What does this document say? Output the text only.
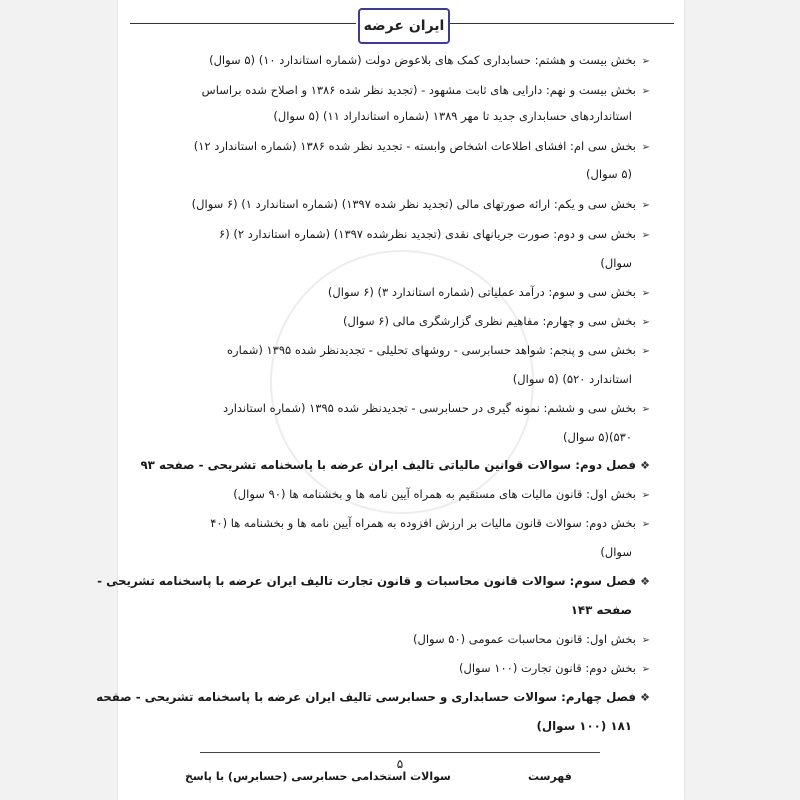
ایران عرضه
➢بخش بیست و هشتم: حسابداری کمک های بلاعوض دولت (شماره استاندارد ۱۰) (۵ سوال)
➢بخش بیست و نهم: دارایی های ثابت مشهود - (تجدید نظر شده ۱۳۸۶ و اصلاح شده براساس
استانداردهای حسابداری جدید تا مهر ۱۳۸۹ (شماره استانداراد ۱۱) (۵ سوال)
➢بخش سی ام: افشای اطلاعات اشخاص وابسته - تجدید نظر شده ۱۳۸۶ (شماره استاندارد ۱۲)
(۵ سوال)
➢بخش سی و یکم: ارائه صورتهای مالی (تجدید نظر شده ۱۳۹۷) (شماره استاندارد ۱) (۶ سوال)
➢بخش سی و دوم: صورت جریانهای نقدی (تجدید نظرشده ۱۳۹۷) (شماره استاندارد ۲) (۶
سوال)
➢بخش سی و سوم: درآمد عملیاتی (شماره استاندارد ۳) (۶ سوال)
➢بخش سی و چهارم: مفاهیم نظری گزارشگری مالی (۶ سوال)
➢بخش سی و پنجم: شواهد حسابرسی - روشهای تحلیلی - تجدیدنظر شده ۱۳۹۵ (شماره
استاندارد ۵۲۰) (۵ سوال)
➢بخش سی و ششم: نمونه گیری در حسابرسی - تجدیدنظر شده ۱۳۹۵ (شماره استاندارد
۵۳۰)(۵ سوال)
❖فصل دوم: سوالات قوانین مالیاتی تالیف ایران عرضه با پاسخنامه تشریحی - صفحه ۹۳
➢بخش اول: قانون مالیات های مستقیم به همراه آیین نامه ها و بخشنامه ها (۹۰ سوال)
➢بخش دوم: سوالات قانون مالیات بر ارزش افزوده به همراه آیین نامه ها و بخشنامه ها (۴۰
سوال)
❖فصل سوم: سوالات قانون محاسبات و قانون تجارت تالیف ایران عرضه با پاسخنامه تشریحی -
صفحه ۱۴۳
➢بخش اول: قانون محاسبات عمومی (۵۰ سوال)
➢بخش دوم: قانون تجارت (۱۰۰ سوال)
❖فصل چهارم: سوالات حسابداری و حسابرسی تالیف ایران عرضه با پاسخنامه تشریحی - صفحه
۱۸۱ (۱۰۰ سوال)
۵
سوالات استخدامی حسابرسی (حسابرس) با پاسخ	فهرست
